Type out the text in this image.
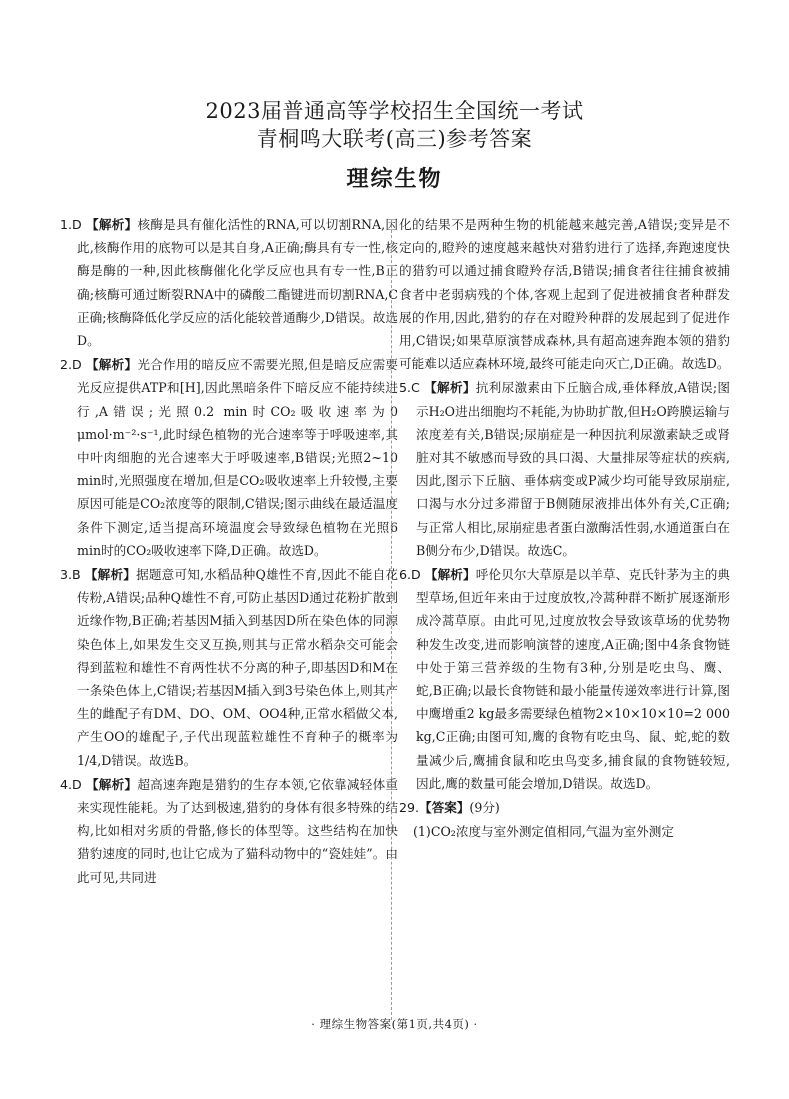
2023届普通高等学校招生全国统一考试
青桐鸣大联考(高三)参考答案
理综生物
1.D 【解析】核酶是具有催化活性的RNA,可以切割RNA,因此,核酶作用的底物可以是其自身,A正确;酶具有专一性,核酶是酶的一种,因此核酶催化化学反应也具有专一性,B正确;核酶可通过断裂RNA中的磷酸二酯键进而切割RNA,C正确;核酶降低化学反应的活化能较普通酶少,D错误。故选D。
2.D 【解析】光合作用的暗反应不需要光照,但是暗反应需要光反应提供ATP和[H],因此黑暗条件下暗反应不能持续进行,A错误;光照0.2 min时CO₂吸收速率为0 μmol·m⁻²·s⁻¹,此时绿色植物的光合速率等于呼吸速率,其中叶肉细胞的光合速率大于呼吸速率,B错误;光照2~10 min时,光照强度在增加,但是CO₂吸收速率上升较慢,主要原因可能是CO₂浓度等的限制,C错误;图示曲线在最适温度条件下测定,适当提高环境温度会导致绿色植物在光照6 min时的CO₂吸收速率下降,D正确。故选D。
3.B 【解析】据题意可知,水稻品种Q雄性不育,因此不能自花传粉,A错误;品种Q雄性不育,可防止基因D通过花粉扩散到近缘作物,B正确;若基因M插入到基因D所在染色体的同源染色体上,如果发生交叉互换,则其与正常水稻杂交可能会得到蓝粒和雄性不育两性状不分离的种子,即基因D和M在一条染色体上,C错误;若基因M插入到3号染色体上,则其产生的雌配子有DM、DO、OM、OO4种,正常水稻做父本,产生OO的雄配子,子代出现蓝粒雄性不育种子的概率为1/4,D错误。故选B。
4.D 【解析】超高速奔跑是猎豹的生存本领,它依靠减轻体重来实现性能耗。为了达到极速,猎豹的身体有很多特殊的结构,比如相对劣质的骨骼,修长的体型等。这些结构在加快猎豹速度的同时,也让它成为了猫科动物中的“瓷娃娃”。由此可见,共同进
化的结果不是两种生物的机能越来越完善,A错误;变异是不定向的,瞪羚的速度越来越快对猎豹进行了选择,奔跑速度快的猎豹可以通过捕食瞪羚存活,B错误;捕食者往往捕食被捕食者中老弱病残的个体,客观上起到了促进被捕食者种群发展的作用,因此,猎豹的存在对瞪羚种群的发展起到了促进作用,C错误;如果草原演替成森林,具有超高速奔跑本领的猎豹可能难以适应森林环境,最终可能走向灭亡,D正确。故选D。
5.C 【解析】抗利尿激素由下丘脑合成,垂体释放,A错误;图示H₂O进出细胞均不耗能,为协助扩散,但H₂O跨膜运输与浓度差有关,B错误;尿崩症是一种因抗利尿激素缺乏或肾脏对其不敏感而导致的具口渴、大量排尿等症状的疾病,因此,图示下丘脑、垂体病变或P减少均可能导致尿崩症,口渴与水分过多滞留于B侧随尿液排出体外有关,C正确;与正常人相比,尿崩症患者蛋白激酶活性弱,水通道蛋白在B侧分布少,D错误。故选C。
6.D 【解析】呼伦贝尔大草原是以羊草、克氏针茅为主的典型草场,但近年来由于过度放牧,冷蒿种群不断扩展逐渐形成冷蒿草原。由此可见,过度放牧会导致该草场的优势物种发生改变,进而影响演替的速度,A正确;图中4条食物链中处于第三营养级的生物有3种,分别是吃虫鸟、鹰、蛇,B正确;以最长食物链和最小能量传递效率进行计算,图中鹰增重2 kg最多需要绿色植物2×10×10×10=2 000 kg,C正确;由图可知,鹰的食物有吃虫鸟、鼠、蛇,蛇的数量减少后,鹰捕食鼠和吃虫鸟变多,捕食鼠的食物链较短,因此,鹰的数量可能会增加,D错误。故选D。
29.【答案】(9分)
(1)CO₂浓度与室外测定值相同,气温为室外测定
· 理综生物答案(第1页,共4页) ·
